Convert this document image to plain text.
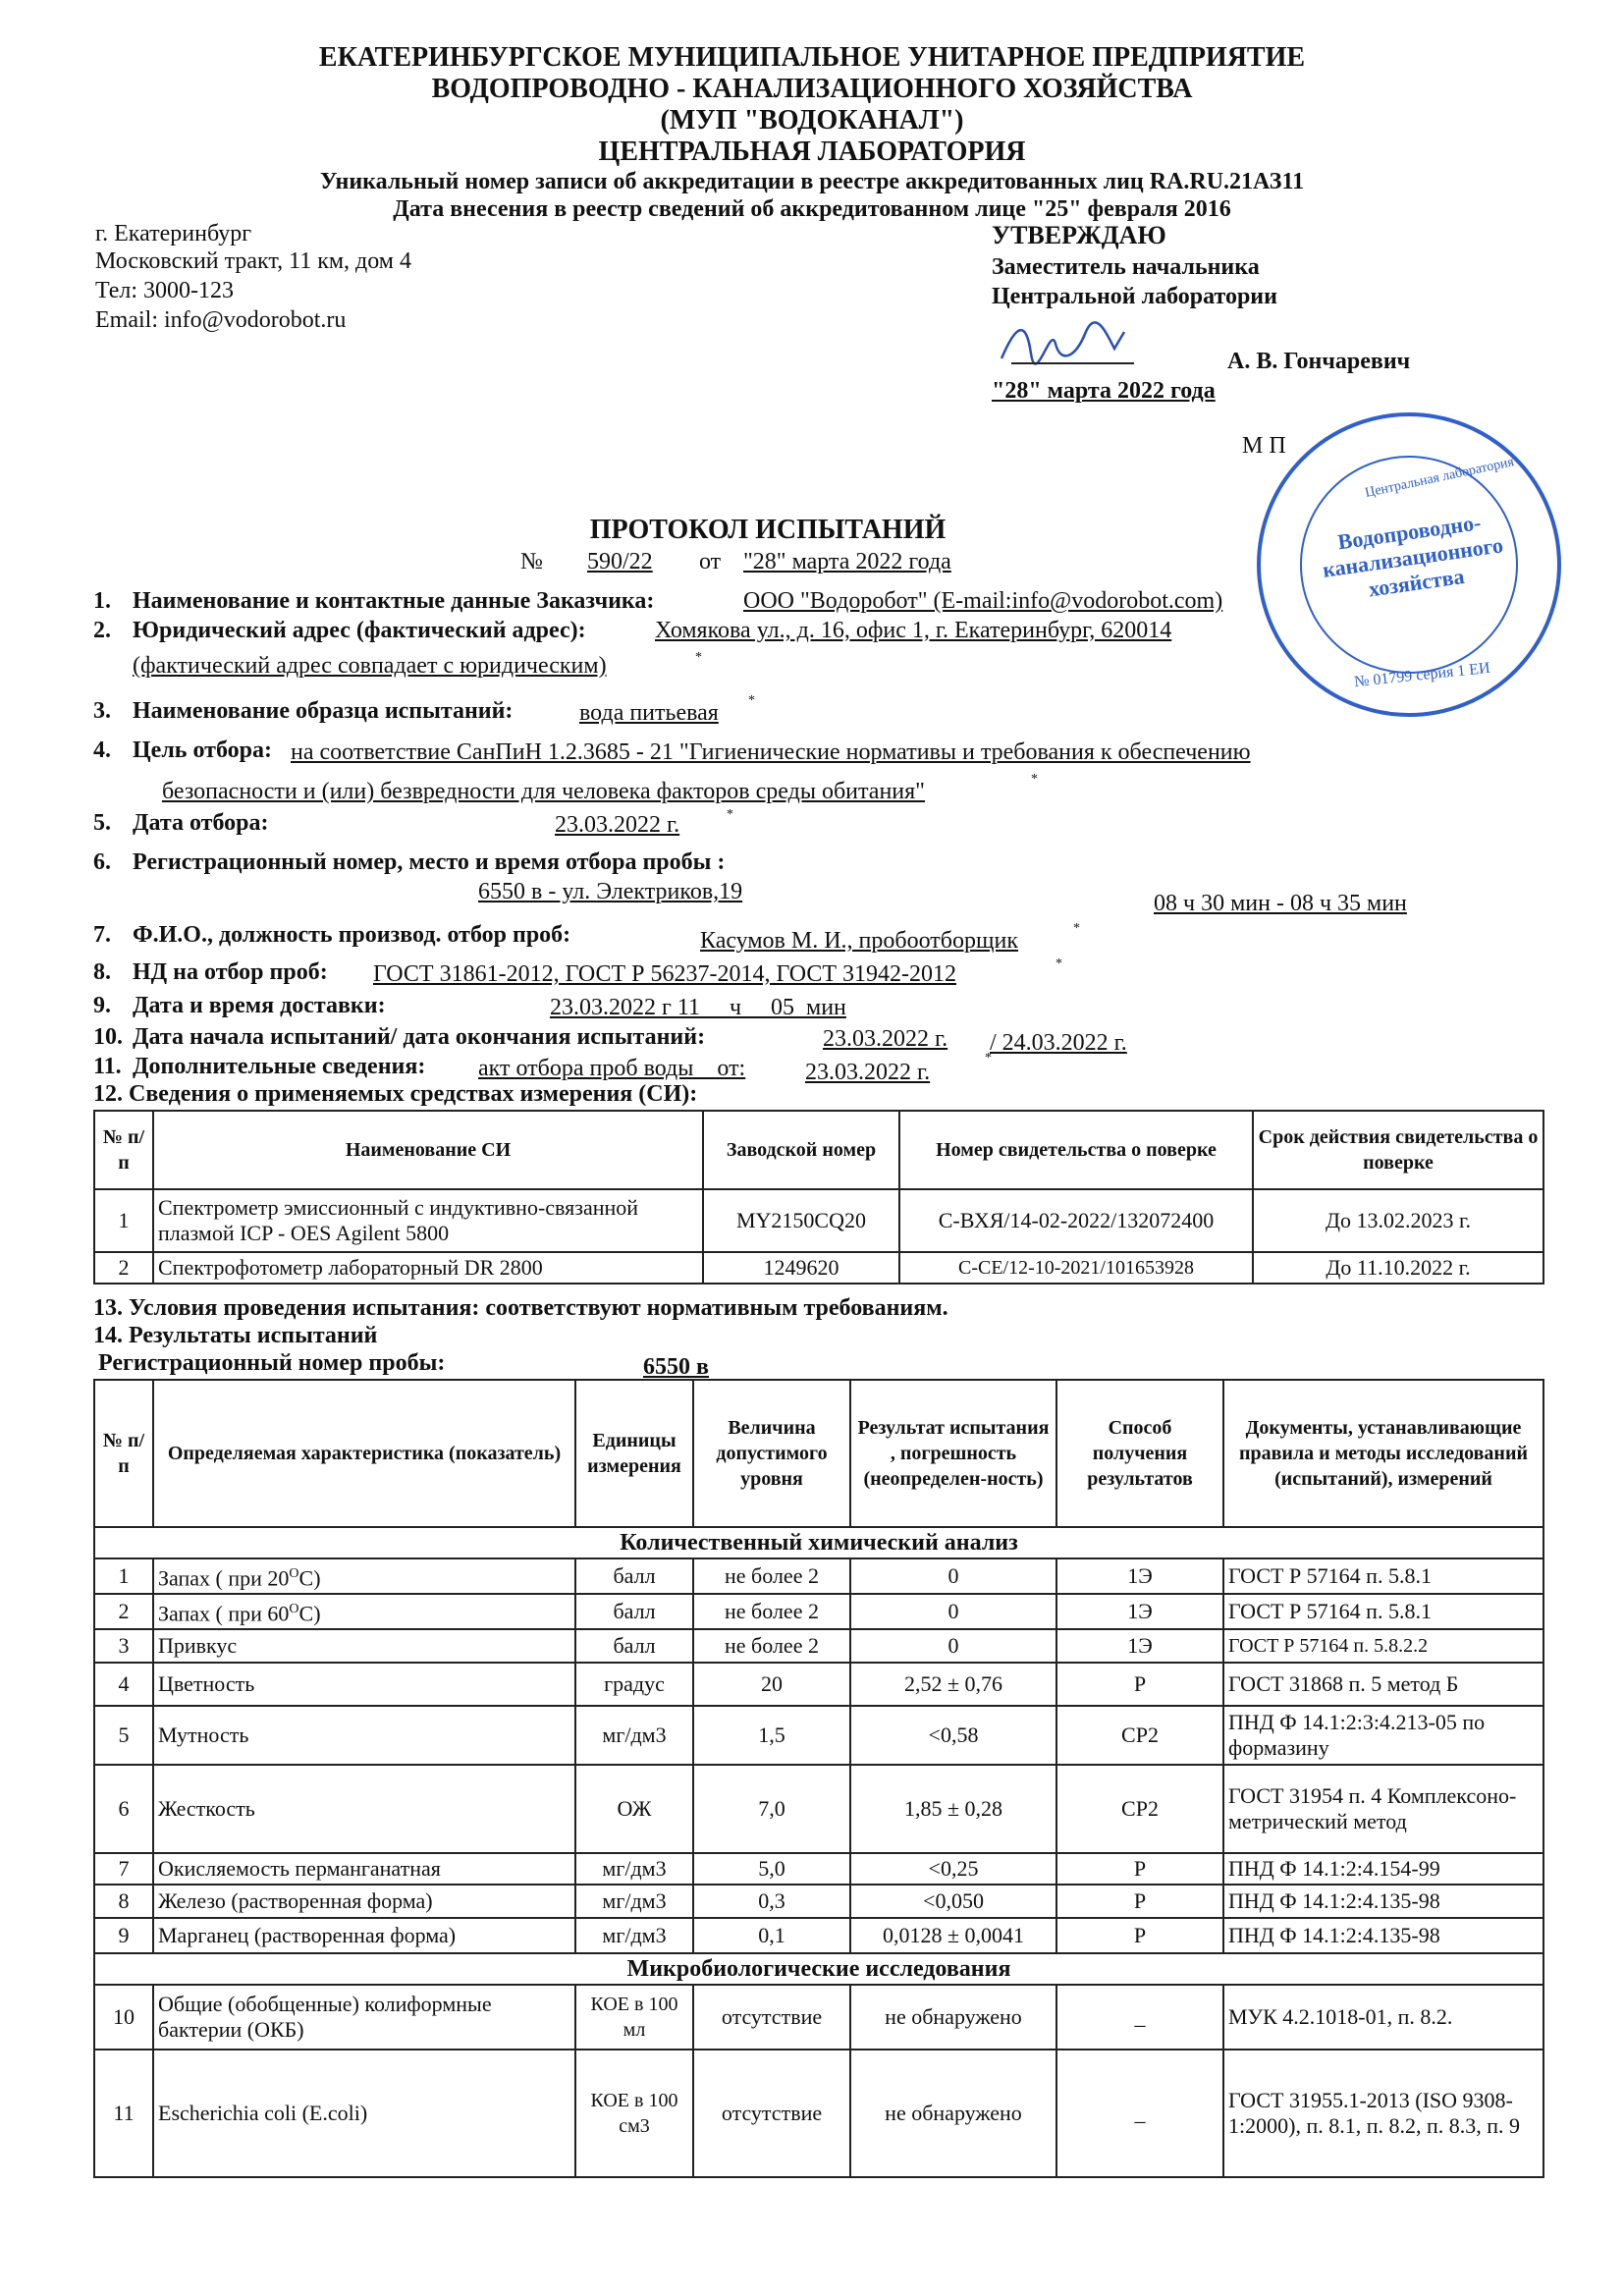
ЕКАТЕРИНБУРГСКОЕ МУНИЦИПАЛЬНОЕ УНИТАРНОЕ ПРЕДПРИЯТИЕ
ВОДОПРОВОДНО - КАНАЛИЗАЦИОННОГО ХОЗЯЙСТВА
(МУП "ВОДОКАНАЛ")
ЦЕНТРАЛЬНАЯ ЛАБОРАТОРИЯ
Уникальный номер записи об аккредитации в реестре аккредитованных лиц RA.RU.21АЗ11
Дата внесения в реестр сведений об аккредитованном лице "25" февраля 2016
г. Екатеринбург
Московский тракт, 11 км, дом 4
Тел: 3000-123
Email: info@vodorobot.ru
УТВЕРЖДАЮ
Заместитель начальника
Центральной лаборатории
А. В. Гончаревич
"28" марта 2022 года
М П
Водопроводно-канализационного хозяйства
Центральная лаборатория
№ 01799 серия 1 ЕИ
ПРОТОКОЛ ИСПЫТАНИЙ
№ 590/22 от "28" марта 2022 года
1. Наименование и контактные данные Заказчика:	ООО "Водоробот" (E-mail:info@vodorobot.com)
2. Юридический адрес (фактический адрес):	Хомякова ул., д. 16, офис 1, г. Екатеринбург, 620014
(фактический адрес совпадает с юридическим)	*
3. Наименование образца испытаний:	вода питьевая *
4. Цель отбора: на соответствие СанПиН 1.2.3685 - 21 "Гигиенические нормативы и требования к обеспечению
безопасности и (или) безвредности для человека факторов среды обитания"	*
5. Дата отбора:	23.03.2022 г.	*
6. Регистрационный номер, место и время отбора пробы :
6550 в - ул. Электриков,19	08 ч 30 мин - 08 ч 35 мин
7. Ф.И.О., должность производ. отбор проб:	Касумов М. И., пробоотборщик	*
8. НД на отбор проб: ГОСТ 31861-2012, ГОСТ Р 56237-2014, ГОСТ 31942-2012	*
9. Дата и время доставки:	23.03.2022 г 11     ч     05  мин
10. Дата начала испытаний/ дата окончания испытаний:	23.03.2022 г. / 24.03.2022 г.
11. Дополнительные сведения: акт отбора проб воды    от:	23.03.2022 г.
*
12. Сведения о применяемых средствах измерения (СИ):
№ п/п	Наименование СИ	Заводской номер	Номер свидетельства о поверке	Срок действия свидетельства о поверке
1	Спектрометр эмиссионный с индуктивно-связанной плазмой ICP - OES Agilent 5800	MY2150CQ20	С-ВХЯ/14-02-2022/132072400	До 13.02.2023 г.
2	Спектрофотометр лабораторный DR 2800	1249620	С-СЕ/12-10-2021/101653928	До 11.10.2022 г.
13. Условия проведения испытания: соответствуют нормативным требованиям.
14. Результаты испытаний
Регистрационный номер пробы:	6550 в
№ п/п	Определяемая характеристика (показатель)	Единицы измерения	Величина допустимого уровня	Результат испытания , погрешность (неопределен-ность)	Способ получения результатов	Документы, устанавливающие правила и методы исследований (испытаний), измерений
Количественный химический анализ						
1	Запах ( при $20^OC$)	балл	не более 2	0	1Э	ГОСТ Р 57164 п. 5.8.1
2	Запах ( при $60^OC$)	балл	не более 2	0	1Э	ГОСТ Р 57164 п. 5.8.1
3	Привкус	балл	не более 2	0	1Э	ГОСТ Р 57164 п. 5.8.2.2
4	Цветность	градус	20	2,52 ± 0,76	Р	ГОСТ 31868 п. 5 метод Б
5	Мутность	мг/дм3	1,5	<0,58	СР2	ПНД Ф 14.1:2:3:4.213-05 по формазину
6	Жесткость	ОЖ	7,0	1,85 ± 0,28	СР2	ГОСТ 31954 п. 4 Комплексоно-метрический метод
7	Окисляемость перманганатная	мг/дм3	5,0	<0,25	Р	ПНД Ф 14.1:2:4.154-99
8	Железо (растворенная форма)	мг/дм3	0,3	<0,050	Р	ПНД Ф 14.1:2:4.135-98
9	Марганец (растворенная форма)	мг/дм3	0,1	0,0128 ± 0,0041	Р	ПНД Ф 14.1:2:4.135-98
Микробиологические исследования						
10	Общие (обобщенные) колиформные бактерии (ОКБ)	КОЕ в 100 мл	отсутствие	не обнаружено	_	МУК 4.2.1018-01, п. 8.2.
11	Escherichia coli (E.coli)	КОЕ в 100 см3	отсутствие	не обнаружено	_	ГОСТ 31955.1-2013 (ISO 9308-1:2000), п. 8.1, п. 8.2, п. 8.3, п. 9
